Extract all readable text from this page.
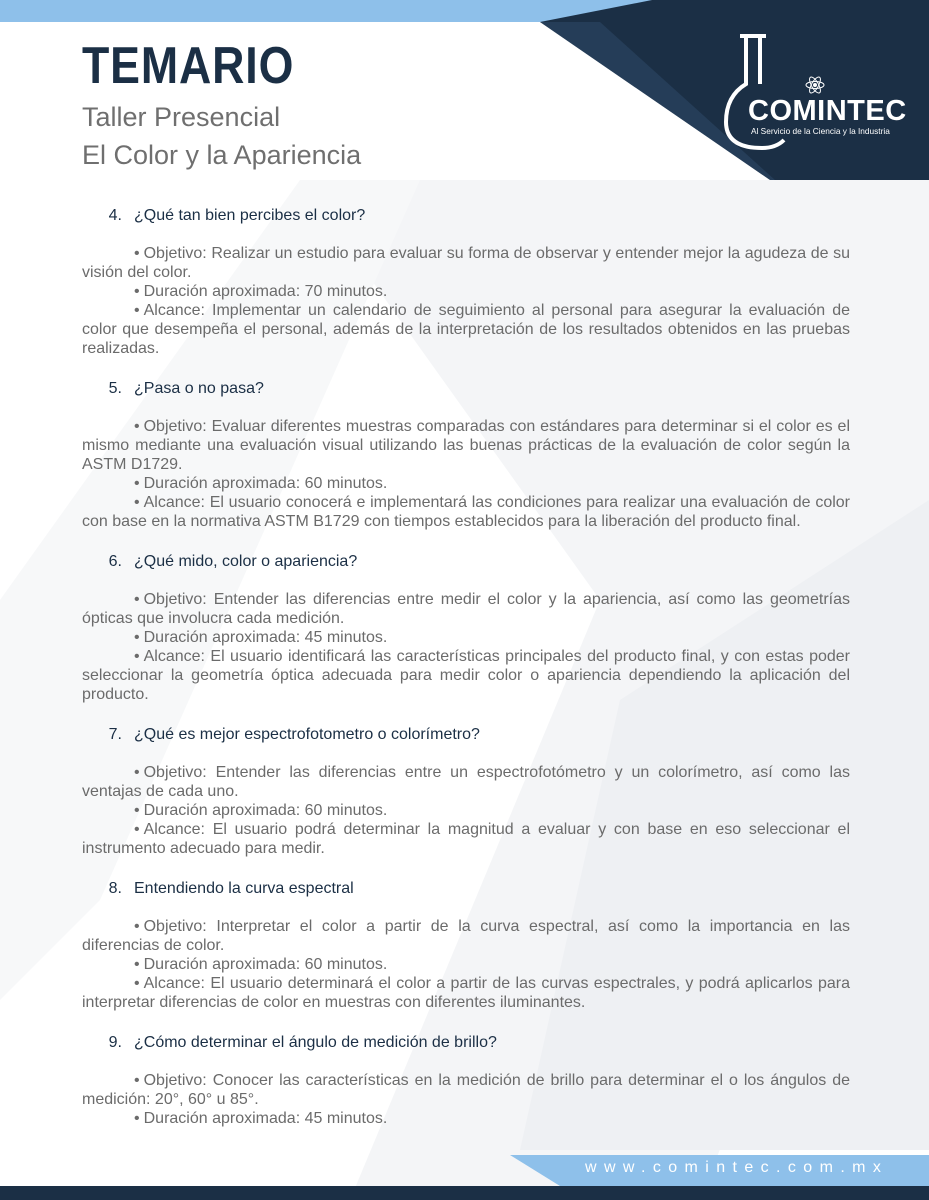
TEMARIO
Taller Presencial
El Color y la Apariencia
COMINTEC
Al Servicio de la Ciencia y la Industria
4. ¿Qué tan bien percibes el color?

• Objetivo: Realizar un estudio para evaluar su forma de observar y entender mejor la agudeza de su visión del color.

• Duración aproximada: 70 minutos.

• Alcance: Implementar un calendario de seguimiento al personal para asegurar la evaluación de color que desempeña el personal, además de la interpretación de los resultados obtenidos en las pruebas realizadas.

5. ¿Pasa o no pasa?

• Objetivo: Evaluar diferentes muestras comparadas con estándares para determinar si el color es el mismo mediante una evaluación visual utilizando las buenas prácticas de la evaluación de color según la ASTM D1729.

• Duración aproximada: 60 minutos.

• Alcance: El usuario conocerá e implementará las condiciones para realizar una evaluación de color con base en la normativa ASTM B1729 con tiempos establecidos para la liberación del producto final.

6. ¿Qué mido, color o apariencia?

• Objetivo: Entender las diferencias entre medir el color y la apariencia, así como las geometrías ópticas que involucra cada medición.

• Duración aproximada: 45 minutos.

• Alcance: El usuario identificará las características principales del producto final, y con estas poder seleccionar la geometría óptica adecuada para medir color o apariencia dependiendo la aplicación del producto.

7. ¿Qué es mejor espectrofotometro o colorímetro?

• Objetivo: Entender las diferencias entre un espectrofotómetro y un colorímetro, así como las ventajas de cada uno.

• Duración aproximada: 60 minutos.

• Alcance: El usuario podrá determinar la magnitud a evaluar y con base en eso seleccionar el instrumento adecuado para medir.

8. Entendiendo la curva espectral

• Objetivo: Interpretar el color a partir de la curva espectral, así como la importancia en las diferencias de color.

• Duración aproximada: 60 minutos.

• Alcance: El usuario determinará el color a partir de las curvas espectrales, y podrá aplicarlos para interpretar diferencias de color en muestras con diferentes iluminantes.

9. ¿Cómo determinar el ángulo de medición de brillo?

• Objetivo: Conocer las características en la medición de brillo para determinar el o los ángulos de medición: 20°, 60° u 85°.

• Duración aproximada: 45 minutos.

www.comintec.com.mx
